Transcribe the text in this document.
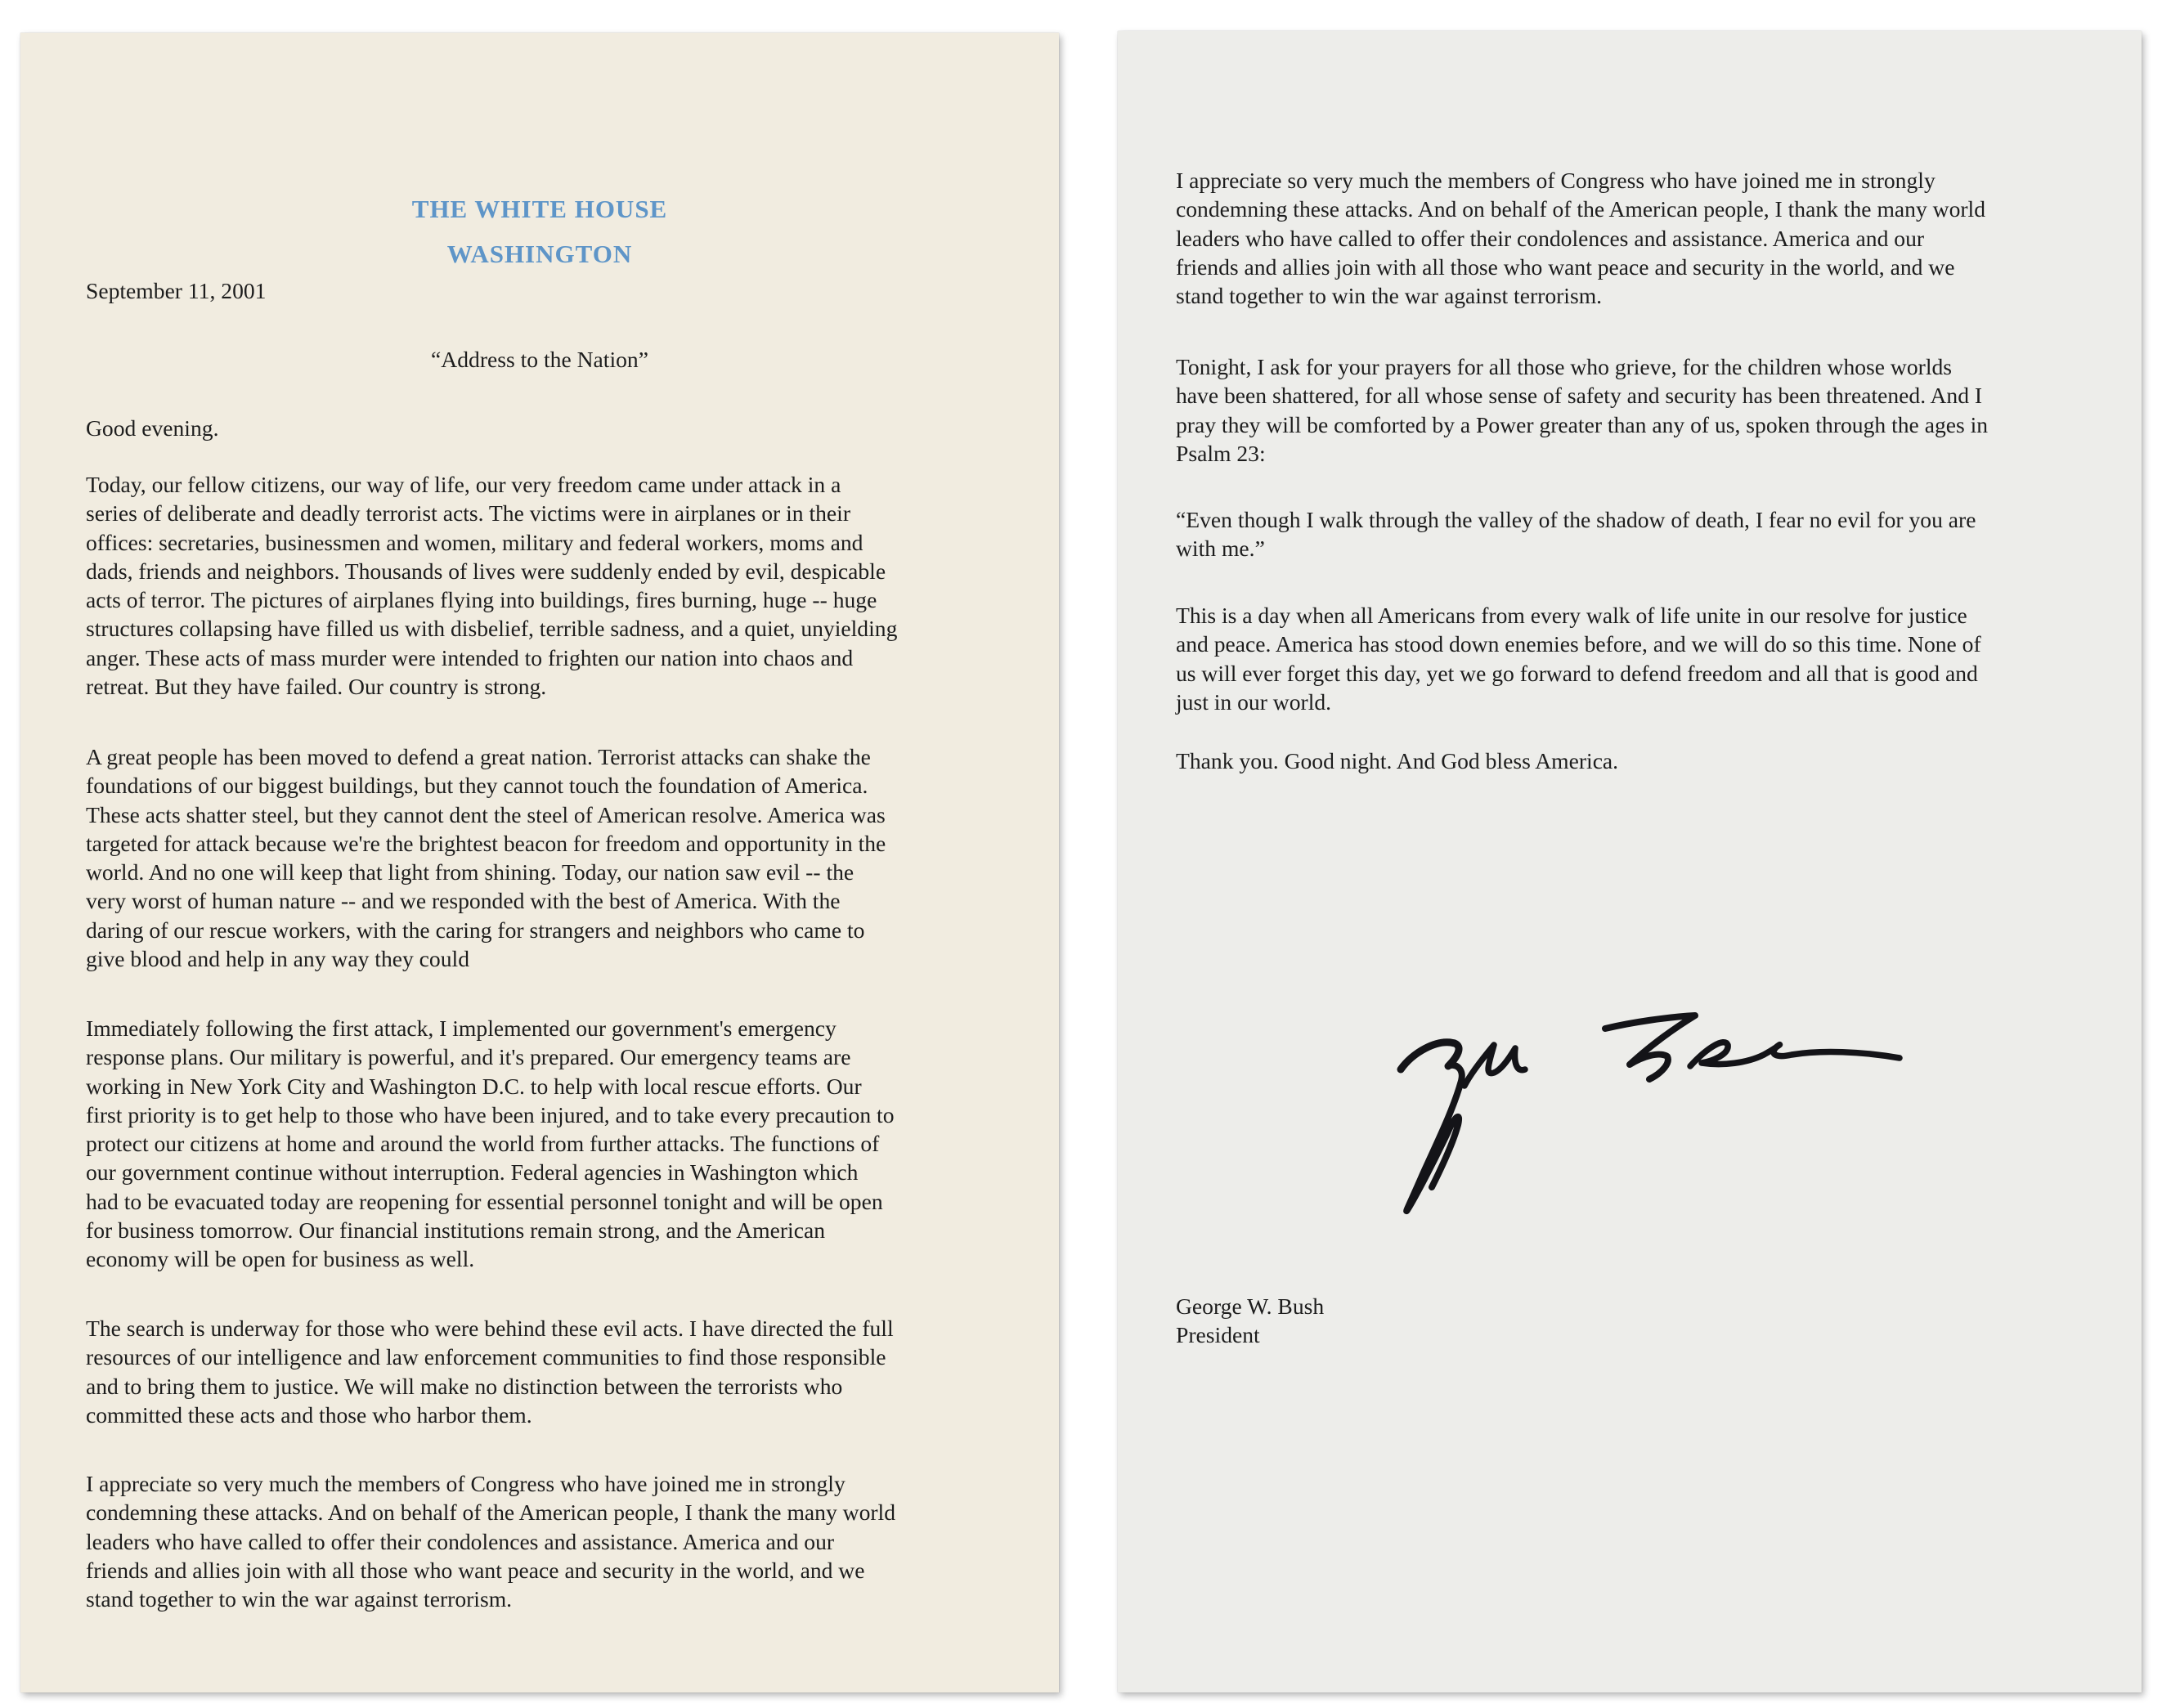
THE WHITE HOUSE
WASHINGTON
September 11, 2001
“Address to the Nation”
Good evening.
Today, our fellow citizens, our way of life, our very freedom came under attack in a
series of deliberate and deadly terrorist acts. The victims were in airplanes or in their
offices: secretaries, businessmen and women, military and federal workers, moms and
dads, friends and neighbors. Thousands of lives were suddenly ended by evil, despicable
acts of terror. The pictures of airplanes flying into buildings, fires burning, huge -- huge
structures collapsing have filled us with disbelief, terrible sadness, and a quiet, unyielding
anger. These acts of mass murder were intended to frighten our nation into chaos and
retreat. But they have failed. Our country is strong.
A great people has been moved to defend a great nation. Terrorist attacks can shake the
foundations of our biggest buildings, but they cannot touch the foundation of America.
These acts shatter steel, but they cannot dent the steel of American resolve. America was
targeted for attack because we're the brightest beacon for freedom and opportunity in the
world. And no one will keep that light from shining. Today, our nation saw evil -- the
very worst of human nature -- and we responded with the best of America. With the
daring of our rescue workers, with the caring for strangers and neighbors who came to
give blood and help in any way they could
Immediately following the first attack, I implemented our government's emergency
response plans. Our military is powerful, and it's prepared. Our emergency teams are
working in New York City and Washington D.C. to help with local rescue efforts. Our
first priority is to get help to those who have been injured, and to take every precaution to
protect our citizens at home and around the world from further attacks. The functions of
our government continue without interruption. Federal agencies in Washington which
had to be evacuated today are reopening for essential personnel tonight and will be open
for business tomorrow. Our financial institutions remain strong, and the American
economy will be open for business as well.
The search is underway for those who were behind these evil acts. I have directed the full
resources of our intelligence and law enforcement communities to find those responsible
and to bring them to justice. We will make no distinction between the terrorists who
committed these acts and those who harbor them.
I appreciate so very much the members of Congress who have joined me in strongly
condemning these attacks. And on behalf of the American people, I thank the many world
leaders who have called to offer their condolences and assistance. America and our
friends and allies join with all those who want peace and security in the world, and we
stand together to win the war against terrorism.
I appreciate so very much the members of Congress who have joined me in strongly
condemning these attacks. And on behalf of the American people, I thank the many world
leaders who have called to offer their condolences and assistance. America and our
friends and allies join with all those who want peace and security in the world, and we
stand together to win the war against terrorism.
Tonight, I ask for your prayers for all those who grieve, for the children whose worlds
have been shattered, for all whose sense of safety and security has been threatened. And I
pray they will be comforted by a Power greater than any of us, spoken through the ages in
Psalm 23:
“Even though I walk through the valley of the shadow of death, I fear no evil for you are
with me.”
This is a day when all Americans from every walk of life unite in our resolve for justice
and peace. America has stood down enemies before, and we will do so this time. None of
us will ever forget this day, yet we go forward to defend freedom and all that is good and
just in our world.
Thank you. Good night. And God bless America.
George W. Bush
President
